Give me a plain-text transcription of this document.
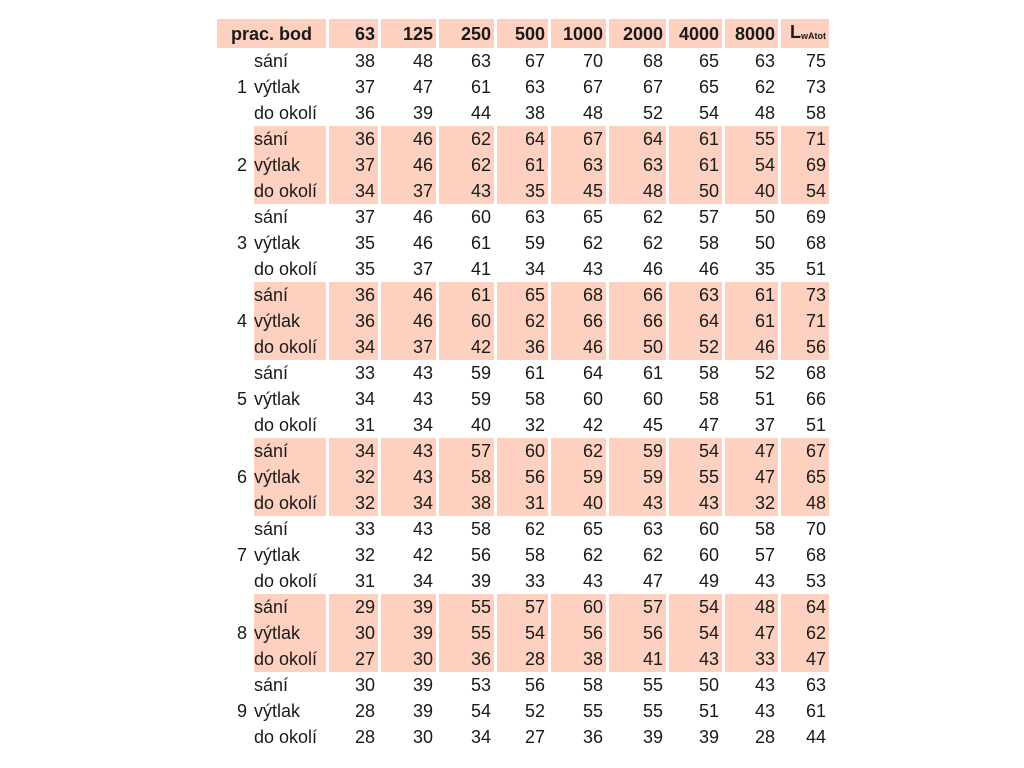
prac. bod		63	125	250	500	1000	2000	4000	8000	LwAtot
	sání	38	48	63	67	70	68	65	63	75
1	výtlak	37	47	61	63	67	67	65	62	73
	do okolí	36	39	44	38	48	52	54	48	58
	sání	36	46	62	64	67	64	61	55	71
2	výtlak	37	46	62	61	63	63	61	54	69
	do okolí	34	37	43	35	45	48	50	40	54
	sání	37	46	60	63	65	62	57	50	69
3	výtlak	35	46	61	59	62	62	58	50	68
	do okolí	35	37	41	34	43	46	46	35	51
	sání	36	46	61	65	68	66	63	61	73
4	výtlak	36	46	60	62	66	66	64	61	71
	do okolí	34	37	42	36	46	50	52	46	56
	sání	33	43	59	61	64	61	58	52	68
5	výtlak	34	43	59	58	60	60	58	51	66
	do okolí	31	34	40	32	42	45	47	37	51
	sání	34	43	57	60	62	59	54	47	67
6	výtlak	32	43	58	56	59	59	55	47	65
	do okolí	32	34	38	31	40	43	43	32	48
	sání	33	43	58	62	65	63	60	58	70
7	výtlak	32	42	56	58	62	62	60	57	68
	do okolí	31	34	39	33	43	47	49	43	53
	sání	29	39	55	57	60	57	54	48	64
8	výtlak	30	39	55	54	56	56	54	47	62
	do okolí	27	30	36	28	38	41	43	33	47
	sání	30	39	53	56	58	55	50	43	63
9	výtlak	28	39	54	52	55	55	51	43	61
	do okolí	28	30	34	27	36	39	39	28	44
